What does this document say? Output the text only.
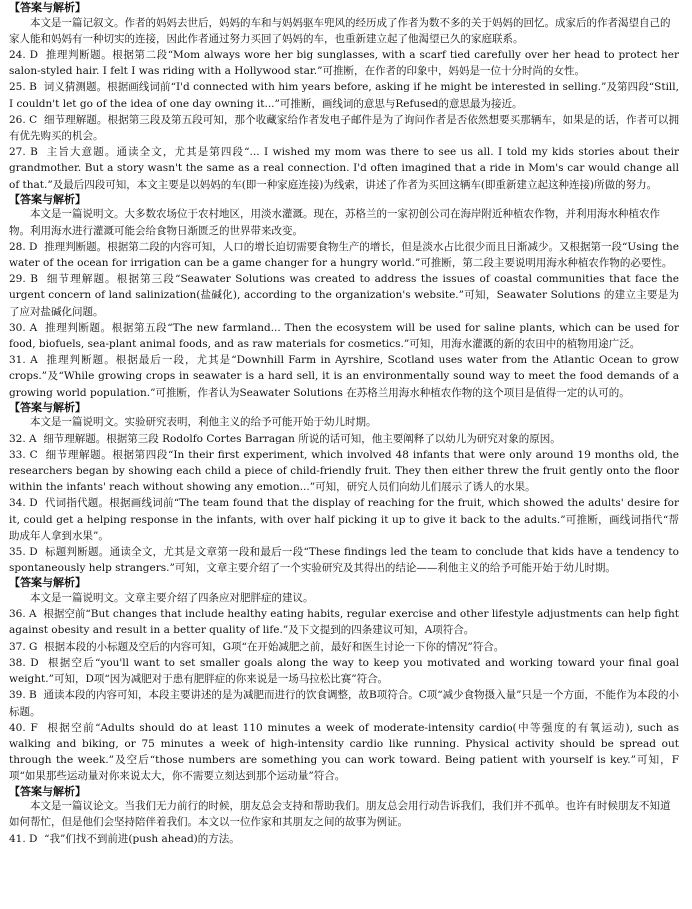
【答案与解析】

本文是一篇记叙文。作者的妈妈去世后，妈妈的车和与妈妈驱车兜风的经历成了作者为数不多的关于妈妈的回忆。成家后的作者渴望自己的家人能和妈妈有一种切实的连接，因此作者通过努力买回了妈妈的车，也重新建立起了他渴望已久的家庭联系。

24. D 推理判断题。根据第二段“Mom always wore her big sunglasses, with a scarf tied carefully over her head to protect her salon-styled hair. I felt I was riding with a Hollywood star.”可推断，在作者的印象中，妈妈是一位十分时尚的女性。

25. B 词义猜测题。根据画线词前“I'd connected with him years before, asking if he might be interested in selling.”及第四段“Still, I couldn't let go of the idea of one day owning it...”可推断，画线词的意思与Refused的意思最为接近。

26. C 细节理解题。根据第三段及第五段可知，那个收藏家给作者发电子邮件是为了询问作者是否依然想要买那辆车，如果是的话，作者可以拥有优先购买的机会。

27. B 主旨大意题。通读全文，尤其是第四段“... I wished my mom was there to see us all. I told my kids stories about their grandmother. But a story wasn't the same as a real connection. I'd often imagined that a ride in Mom's car would change all of that.”及最后四段可知，本文主要是以妈妈的车(即一种家庭连接)为线索，讲述了作者为买回这辆车(即重新建立起这种连接)所做的努力。

【答案与解析】

本文是一篇说明文。大多数农场位于农村地区，用淡水灌溉。现在，苏格兰的一家初创公司在海岸附近种植农作物，并利用海水种植农作物。利用海水进行灌溉可能会给食物日渐匮乏的世界带来改变。

28. D 推理判断题。根据第二段的内容可知，人口的增长迫切需要食物生产的增长，但是淡水占比很少而且日渐减少。又根据第一段“Using the water of the ocean for irrigation can be a game changer for a hungry world.”可推断，第二段主要说明用海水种植农作物的必要性。

29. B 细节理解题。根据第三段“Seawater Solutions was created to address the issues of coastal communities that face the urgent concern of land salinization(盐碱化), according to the organization's website.”可知，Seawater Solutions 的建立主要是为了应对盐碱化问题。

30. A 推理判断题。根据第五段“The new farmland... Then the ecosystem will be used for saline plants, which can be used for food, biofuels, sea-plant animal foods, and as raw materials for cosmetics.”可知，用海水灌溉的新的农田中的植物用途广泛。

31. A 推理判断题。根据最后一段，尤其是“Downhill Farm in Ayrshire, Scotland uses water from the Atlantic Ocean to grow crops.”及“While growing crops in seawater is a hard sell, it is an environmentally sound way to meet the food demands of a growing world population.”可推断，作者认为Seawater Solutions 在苏格兰用海水种植农作物的这个项目是值得一定的认可的。

【答案与解析】

本文是一篇说明文。实验研究表明，利他主义的给予可能开始于幼儿时期。

32. A 细节理解题。根据第三段 Rodolfo Cortes Barragan 所说的话可知，他主要阐释了以幼儿为研究对象的原因。

33. C 细节理解题。根据第四段“In their first experiment, which involved 48 infants that were only around 19 months old, the researchers began by showing each child a piece of child-friendly fruit. They then either threw the fruit gently onto the floor within the infants' reach without showing any emotion...”可知，研究人员们向幼儿们展示了诱人的水果。

34. D 代词指代题。根据画线词前“The team found that the display of reaching for the fruit, which showed the adults' desire for it, could get a helping response in the infants, with over half picking it up to give it back to the adults.”可推断，画线词指代“帮助成年人拿到水果”。

35. D 标题判断题。通读全文，尤其是文章第一段和最后一段“These findings led the team to conclude that kids have a tendency to spontaneously help strangers.”可知，文章主要介绍了一个实验研究及其得出的结论——利他主义的给予可能开始于幼儿时期。

【答案与解析】

本文是一篇说明文。文章主要介绍了四条应对肥胖症的建议。

36. A 根据空前“But changes that include healthy eating habits, regular exercise and other lifestyle adjustments can help fight against obesity and result in a better quality of life.”及下文提到的四条建议可知，A项符合。

37. G 根据本段的小标题及空后的内容可知，G项“在开始减肥之前，最好和医生讨论一下你的情况”符合。

38. D 根据空后“you'll want to set smaller goals along the way to keep you motivated and working toward your final goal weight.”可知，D项“因为减肥对于患有肥胖症的你来说是一场马拉松比赛”符合。

39. B 通读本段的内容可知，本段主要讲述的是为减肥而进行的饮食调整，故B项符合。C项“减少食物摄入量”只是一个方面，不能作为本段的小标题。

40. F 根据空前“Adults should do at least 110 minutes a week of moderate-intensity cardio(中等强度的有氧运动), such as walking and biking, or 75 minutes a week of high-intensity cardio like running. Physical activity should be spread out through the week.”及空后“those numbers are something you can work toward. Being patient with yourself is key.”可知，F项“如果那些运动量对你来说太大，你不需要立刻达到那个运动量”符合。

【答案与解析】

本文是一篇议论文。当我们无力前行的时候，朋友总会支持和帮助我们。朋友总会用行动告诉我们，我们并不孤单。也许有时候朋友不知道如何帮忙，但是他们会坚持陪伴着我们。本文以一位作家和其朋友之间的故事为例证。

41. D “我”们找不到前进(push ahead)的方法。
